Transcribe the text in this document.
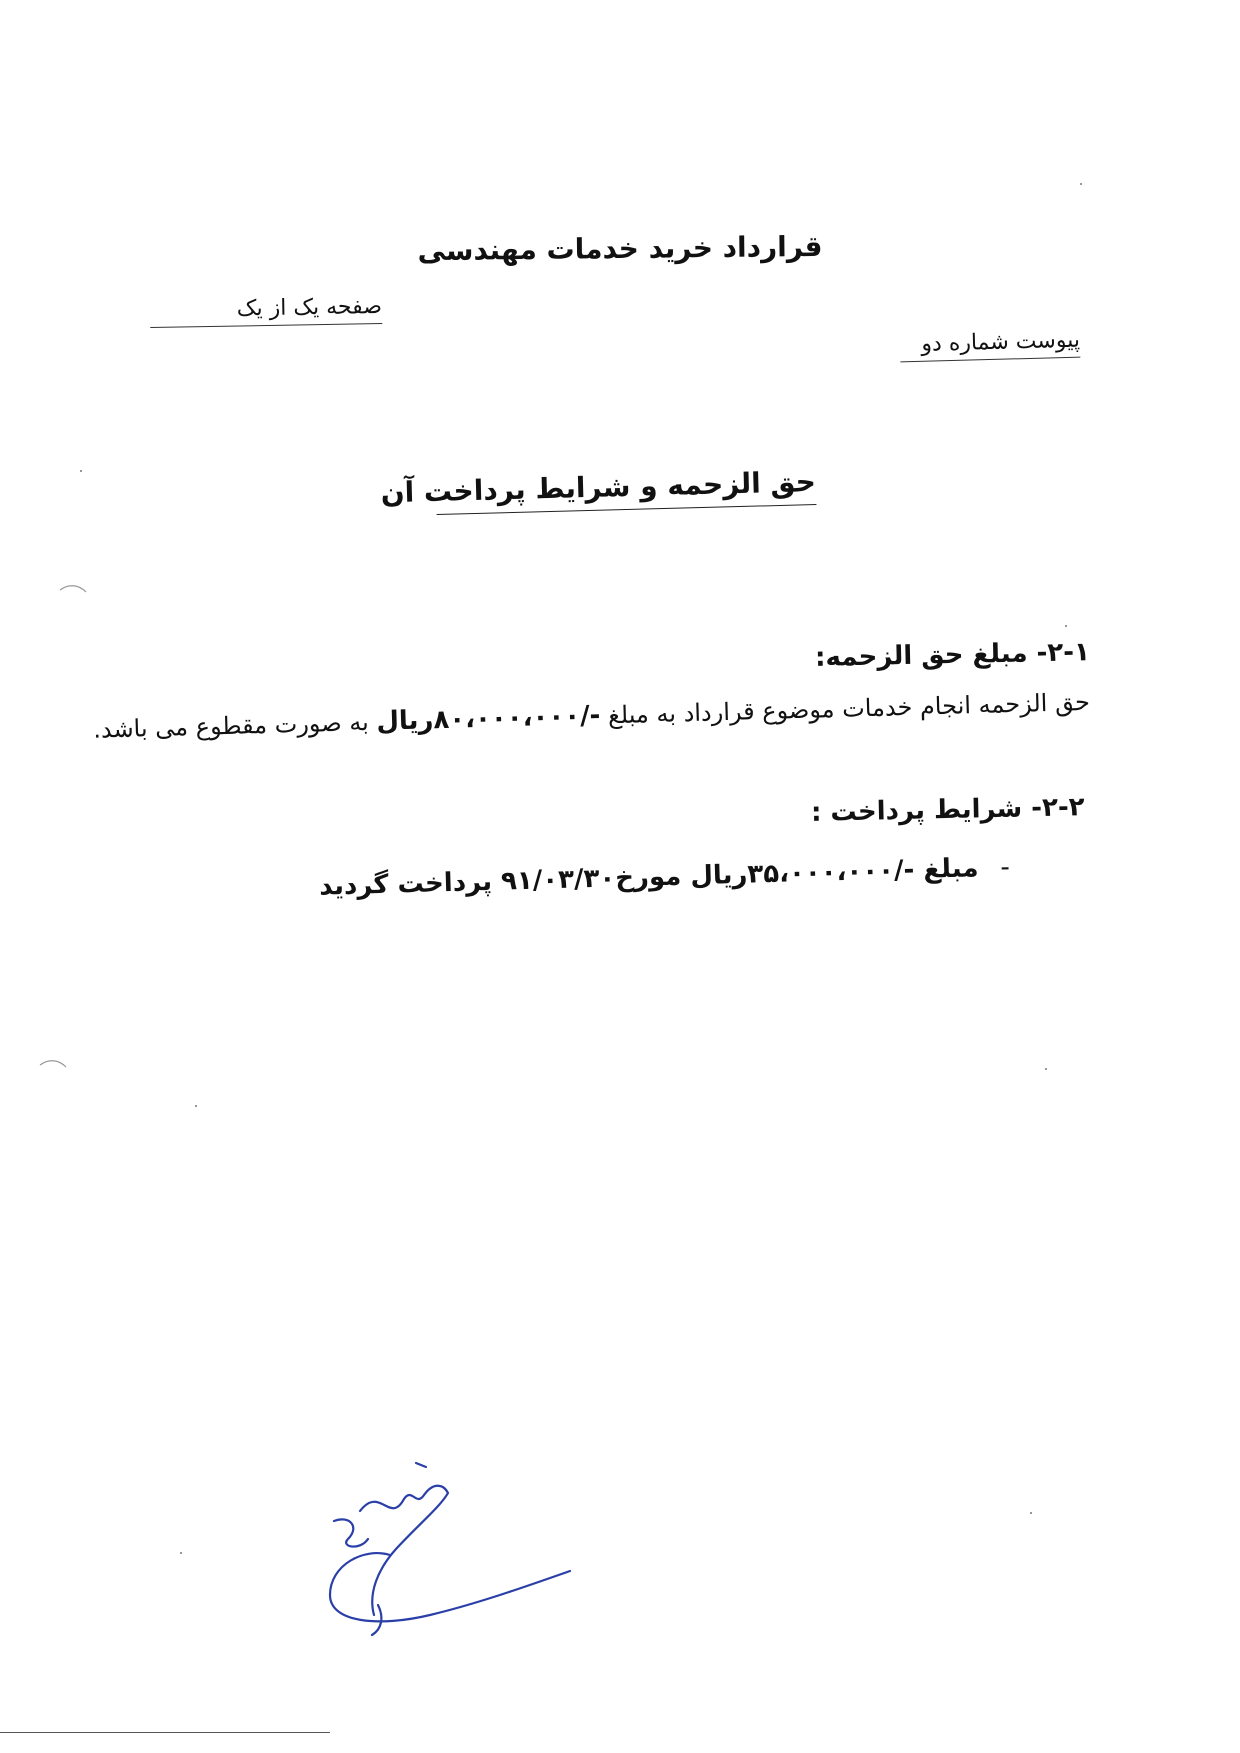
قرارداد خرید خدمات مهندسی
صفحه یک از یک
پیوست شماره دو
حق الزحمه و شرایط پرداخت آن
۲-۱- مبلغ حق الزحمه:
حق الزحمه انجام خدمات موضوع قرارداد به مبلغ -/۸۰،۰۰۰،۰۰۰ریال به صورت مقطوع می باشد.
۲-۲- شرایط پرداخت :
-مبلغ -/۳۵،۰۰۰،۰۰۰ریال مورخ۹۱/۰۳/۳۰ پرداخت گردید
